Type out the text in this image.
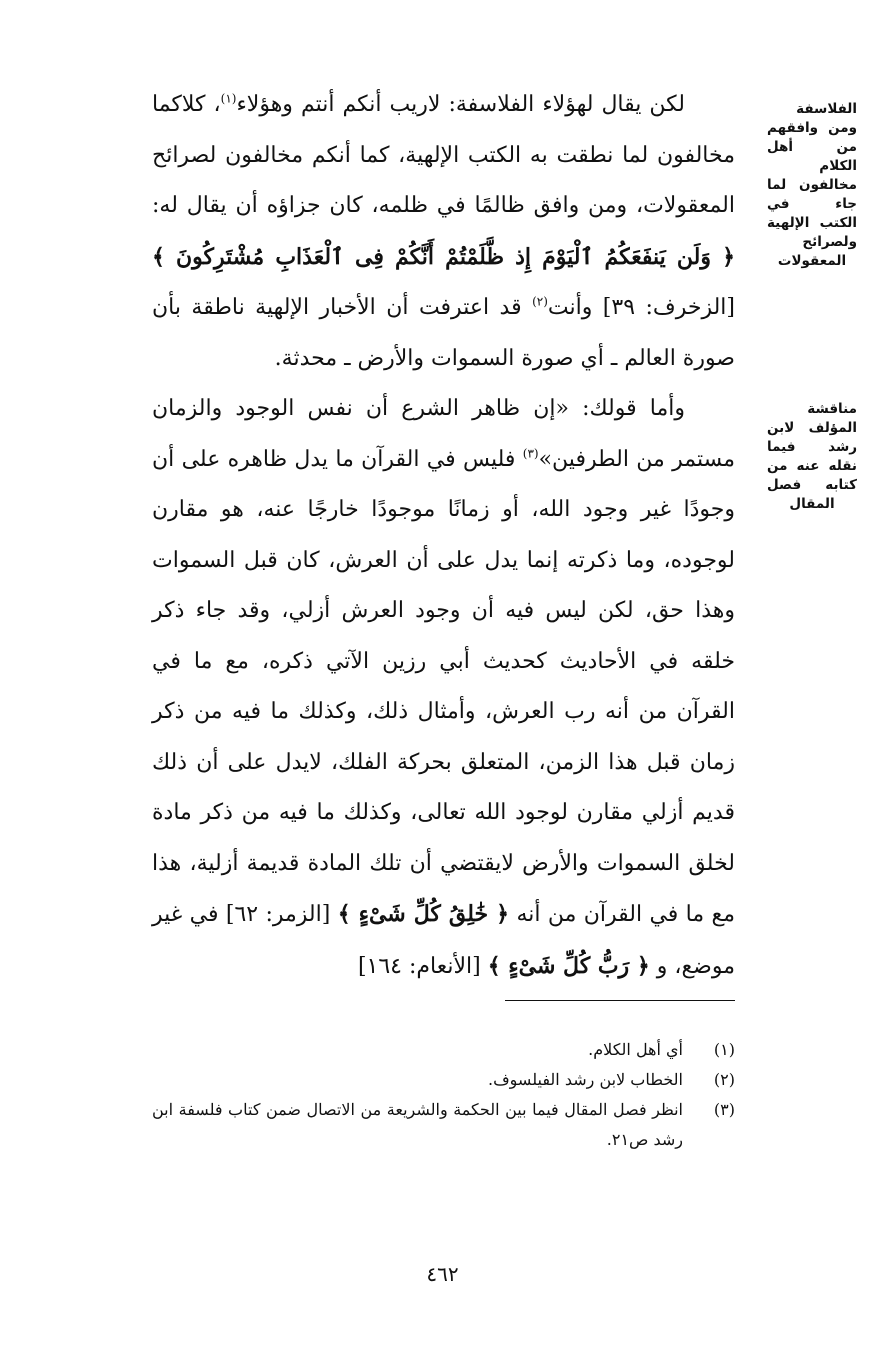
الفلاسفة ومن وافقهم من أهل الكلام مخالفون لما جاء في الكتب الإلهية ولصرائح المعقولات
مناقشة المؤلف لابن رشد فيما نقله عنه من كتابه فصل المقال

لكن يقال لهؤلاء الفلاسفة: لاريب أنكم أنتم وهؤلاء$^{(١)}$، كلاكما مخالفون لما نطقت به الكتب الإلهية، كما أنكم مخالفون لصرائح المعقولات، ومن وافق ظالمًا في ظلمه، كان جزاؤه أن يقال له: ﴿ وَلَن يَنفَعَكُمُ ٱلْيَوْمَ إِذ ظَّلَمْتُمْ أَنَّكُمْ فِى ٱلْعَذَابِ مُشْتَرِكُونَ ﴾ [الزخرف: ٣٩] وأنت$^{(٢)}$ قد اعترفت أن الأخبار الإلهية ناطقة بأن صورة العالم ـ أي صورة السموات والأرض ـ محدثة.

وأما قولك: «إن ظاهر الشرع أن نفس الوجود والزمان مستمر من الطرفين»$^{(٣)}$ فليس في القرآن ما يدل ظاهره على أن وجودًا غير وجود الله، أو زمانًا موجودًا خارجًا عنه، هو مقارن لوجوده، وما ذكرته إنما يدل على أن العرش، كان قبل السموات وهذا حق، لكن ليس فيه أن وجود العرش أزلي، وقد جاء ذكر خلقه في الأحاديث كحديث أبي رزين الآتي ذكره، مع ما في القرآن من أنه رب العرش، وأمثال ذلك، وكذلك ما فيه من ذكر زمان قبل هذا الزمن، المتعلق بحركة الفلك، لايدل على أن ذلك قديم أزلي مقارن لوجود الله تعالى، وكذلك ما فيه من ذكر مادة لخلق السموات والأرض لايقتضي أن تلك المادة قديمة أزلية، هذا مع ما في القرآن من أنه ﴿ خَٰلِقُ كُلِّ شَىْءٍ ﴾ [الزمر: ٦٢] في غير موضع، و ﴿ رَبُّ كُلِّ شَىْءٍ ﴾ [الأنعام: ١٦٤]

(١)
أي أهل الكلام.
(٢)
الخطاب لابن رشد الفيلسوف.
(٣)
انظر فصل المقال فيما بين الحكمة والشريعة من الاتصال ضمن كتاب فلسفة ابن رشد ص٢١.
٤٦٢
